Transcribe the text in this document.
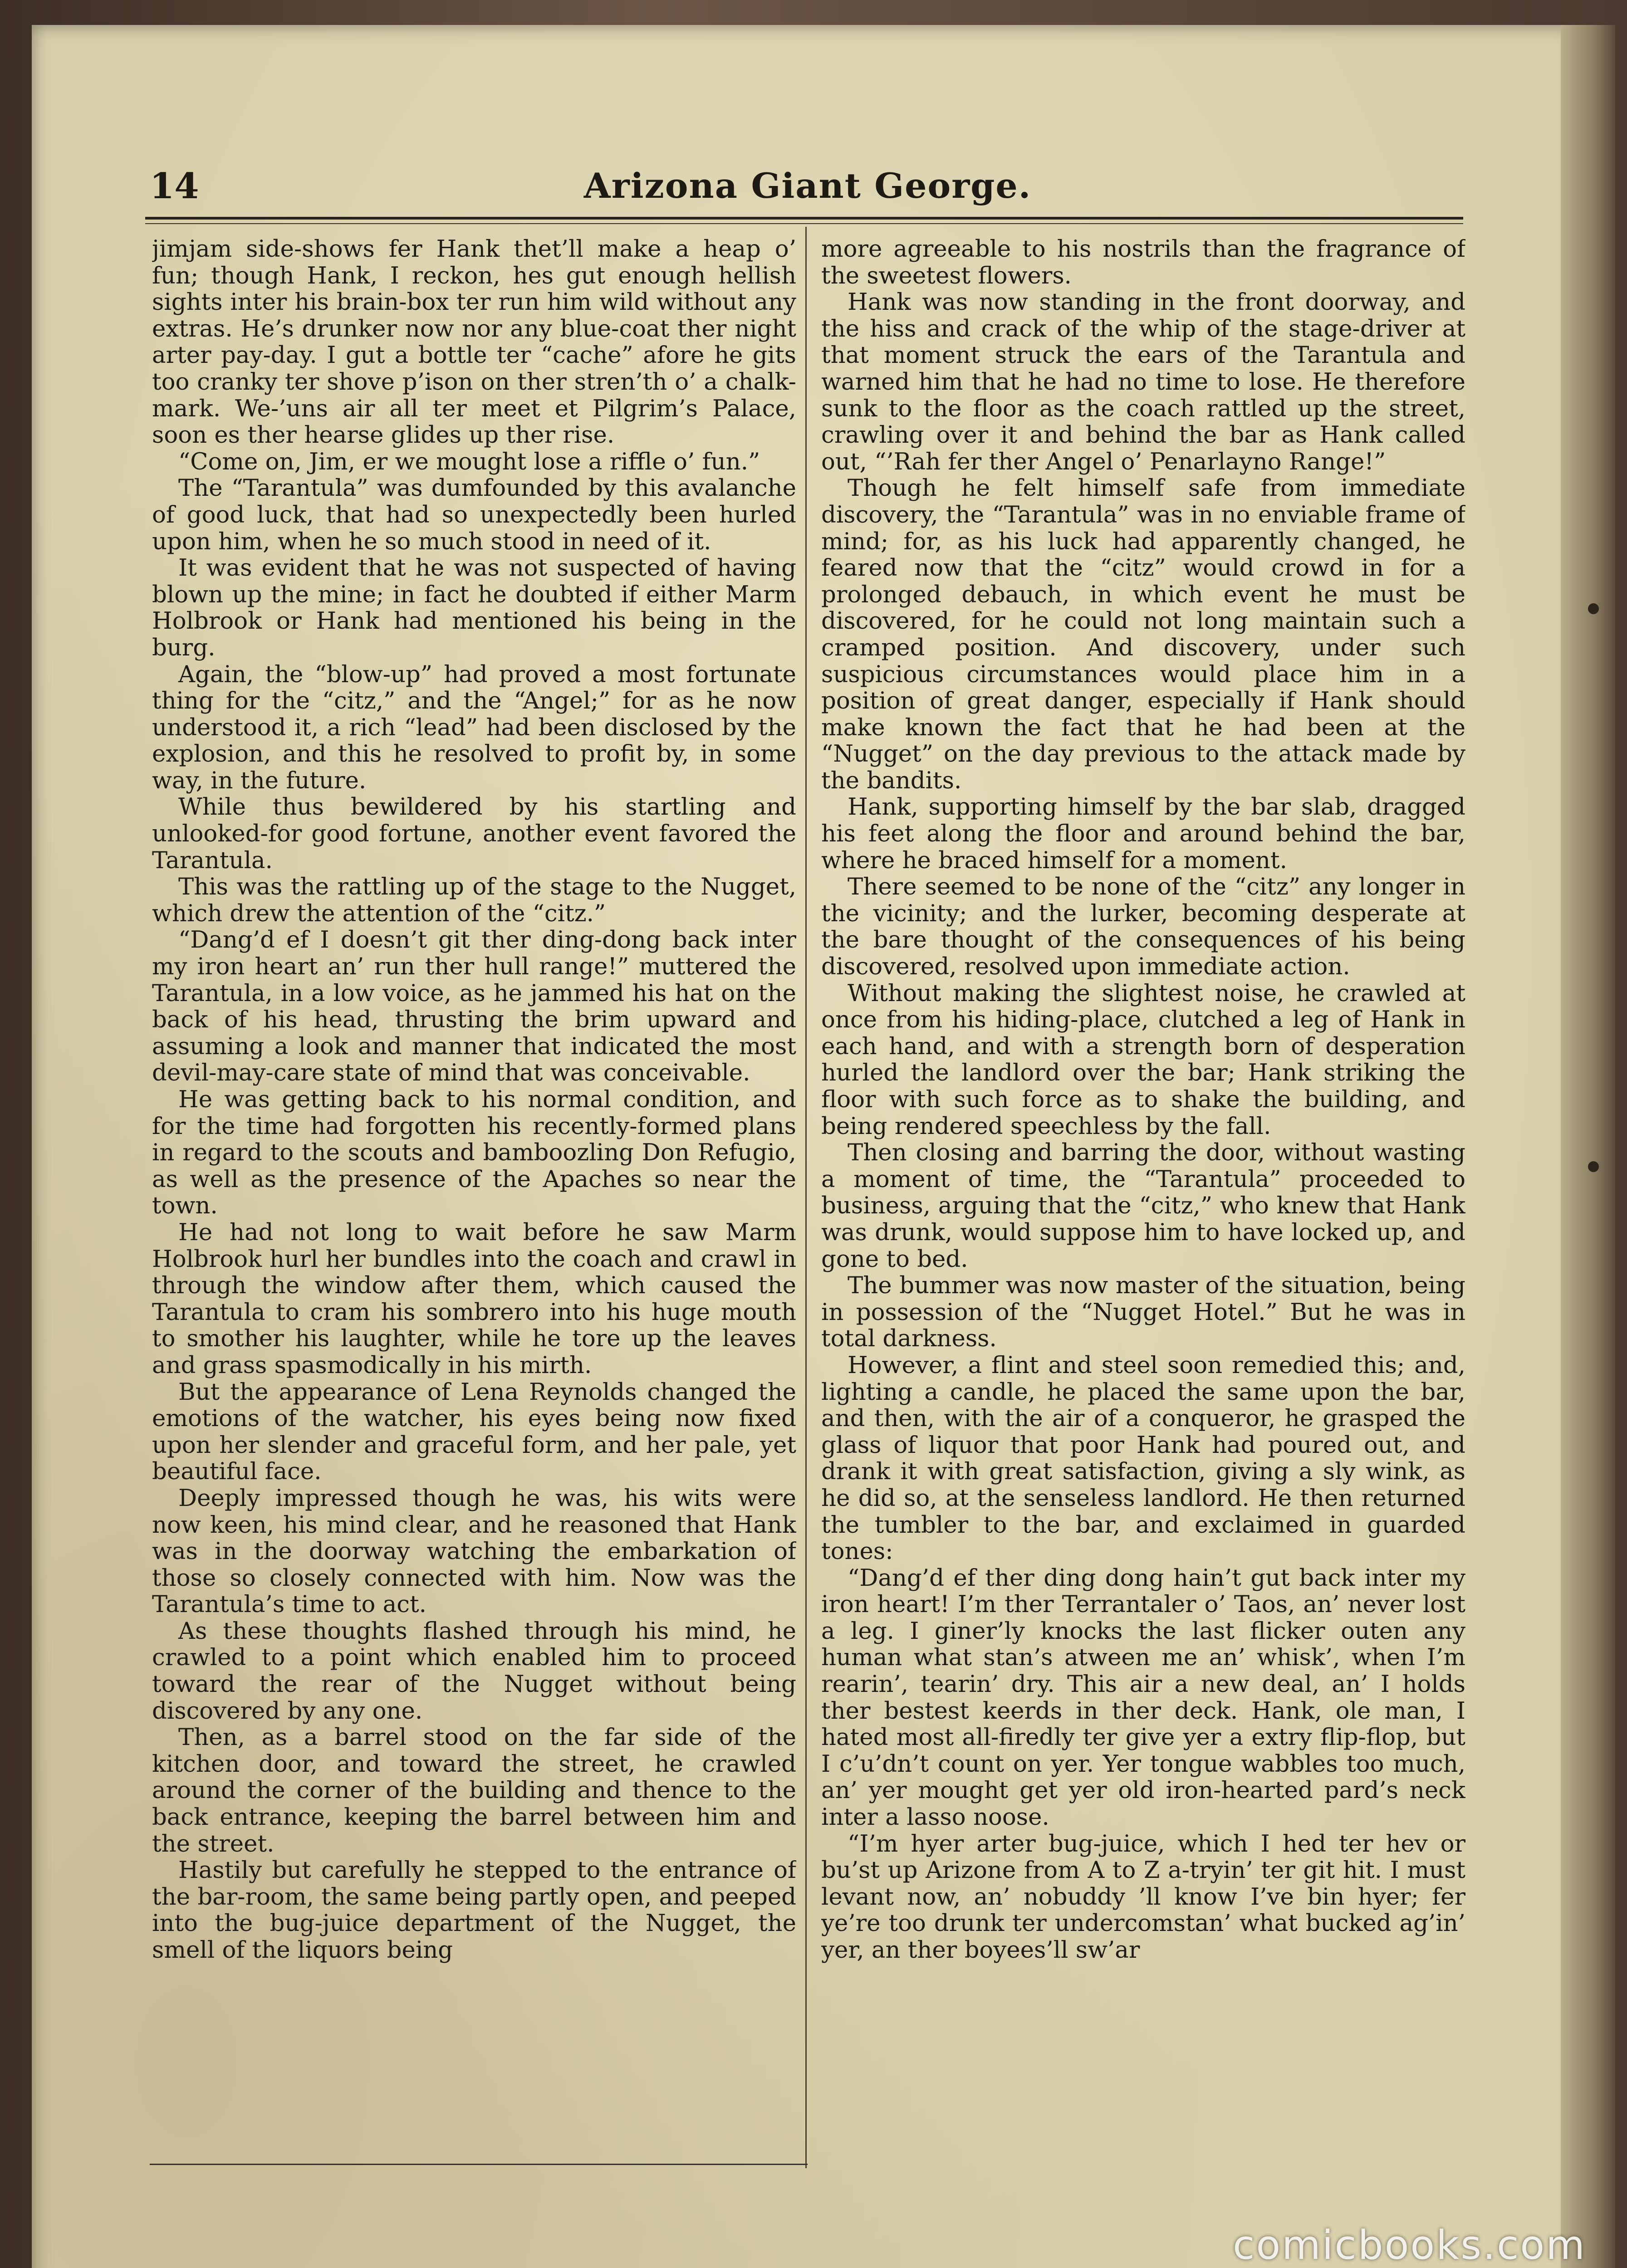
14	Arizona Giant George.

jimjam side-shows fer Hank thet’ll make a heap o’ fun; though Hank, I reckon, hes gut enough hellish sights inter his brain-box ter run him wild without any extras. He’s drunker now nor any blue-coat ther night arter pay-day. I gut a bottle ter “cache” afore he gits too cranky ter shove p’ison on ther stren’th o’ a chalk-mark. We-’uns air all ter meet et Pilgrim’s Palace, soon es ther hearse glides up ther rise.

“Come on, Jim, er we mought lose a riffle o’ fun.”

The “Tarantula” was dumfounded by this avalanche of good luck, that had so unexpectedly been hurled upon him, when he so much stood in need of it.

It was evident that he was not suspected of having blown up the mine; in fact he doubted if either Marm Holbrook or Hank had mentioned his being in the burg.

Again, the “blow-up” had proved a most fortunate thing for the “citz,” and the “Angel;” for as he now understood it, a rich “lead” had been disclosed by the explosion, and this he resolved to profit by, in some way, in the future.

While thus bewildered by his startling and unlooked-for good fortune, another event favored the Tarantula.

This was the rattling up of the stage to the Nugget, which drew the attention of the “citz.”

“Dang’d ef I doesn’t git ther ding-dong back inter my iron heart an’ run ther hull range!” muttered the Tarantula, in a low voice, as he jammed his hat on the back of his head, thrusting the brim upward and assuming a look and manner that indicated the most devil-may-care state of mind that was conceivable.

He was getting back to his normal condition, and for the time had forgotten his recently-formed plans in regard to the scouts and bamboozling Don Refugio, as well as the presence of the Apaches so near the town.

He had not long to wait before he saw Marm Holbrook hurl her bundles into the coach and crawl in through the window after them, which caused the Tarantula to cram his sombrero into his huge mouth to smother his laughter, while he tore up the leaves and grass spasmodically in his mirth.

But the appearance of Lena Reynolds changed the emotions of the watcher, his eyes being now fixed upon her slender and graceful form, and her pale, yet beautiful face.

Deeply impressed though he was, his wits were now keen, his mind clear, and he reasoned that Hank was in the doorway watching the embarkation of those so closely connected with him. Now was the Tarantula’s time to act.

As these thoughts flashed through his mind, he crawled to a point which enabled him to proceed toward the rear of the Nugget without being discovered by any one.

Then, as a barrel stood on the far side of the kitchen door, and toward the street, he crawled around the corner of the building and thence to the back entrance, keeping the barrel between him and the street.

Hastily but carefully he stepped to the entrance of the bar-room, the same being partly open, and peeped into the bug-juice department of the Nugget, the smell of the liquors being

more agreeable to his nostrils than the fragrance of the sweetest flowers.

Hank was now standing in the front doorway, and the hiss and crack of the whip of the stage-driver at that moment struck the ears of the Tarantula and warned him that he had no time to lose. He therefore sunk to the floor as the coach rattled up the street, crawling over it and behind the bar as Hank called out, “’Rah fer ther Angel o’ Penarlayno Range!”

Though he felt himself safe from immediate discovery, the “Tarantula” was in no enviable frame of mind; for, as his luck had apparently changed, he feared now that the “citz” would crowd in for a prolonged debauch, in which event he must be discovered, for he could not long maintain such a cramped position. And discovery, under such suspicious circumstances would place him in a position of great danger, especially if Hank should make known the fact that he had been at the “Nugget” on the day previous to the attack made by the bandits.

Hank, supporting himself by the bar slab, dragged his feet along the floor and around behind the bar, where he braced himself for a moment.

There seemed to be none of the “citz” any longer in the vicinity; and the lurker, becoming desperate at the bare thought of the consequences of his being discovered, resolved upon immediate action.

Without making the slightest noise, he crawled at once from his hiding-place, clutched a leg of Hank in each hand, and with a strength born of desperation hurled the landlord over the bar; Hank striking the floor with such force as to shake the building, and being rendered speechless by the fall.

Then closing and barring the door, without wasting a moment of time, the “Tarantula” proceeded to business, arguing that the “citz,” who knew that Hank was drunk, would suppose him to have locked up, and gone to bed.

The bummer was now master of the situation, being in possession of the “Nugget Hotel.” But he was in total darkness.

However, a flint and steel soon remedied this; and, lighting a candle, he placed the same upon the bar, and then, with the air of a conqueror, he grasped the glass of liquor that poor Hank had poured out, and drank it with great satisfaction, giving a sly wink, as he did so, at the senseless landlord. He then returned the tumbler to the bar, and exclaimed in guarded tones:

“Dang’d ef ther ding dong hain’t gut back inter my iron heart! I’m ther Terrantaler o’ Taos, an’ never lost a leg. I giner’ly knocks the last flicker outen any human what stan’s atween me an’ whisk’, when I’m rearin’, tearin’ dry. This air a new deal, an’ I holds ther bestest keerds in ther deck. Hank, ole man, I hated most all-firedly ter give yer a extry flip-flop, but I c’u’dn’t count on yer. Yer tongue wabbles too much, an’ yer mought get yer old iron-hearted pard’s neck inter a lasso noose.

“I’m hyer arter bug-juice, which I hed ter hev or bu’st up Arizone from A to Z a-tryin’ ter git hit. I must levant now, an’ nobuddy ’ll know I’ve bin hyer; fer ye’re too drunk ter undercomstan’ what bucked ag’in’ yer, an ther boyees’ll sw’ar

comicbooks.com
